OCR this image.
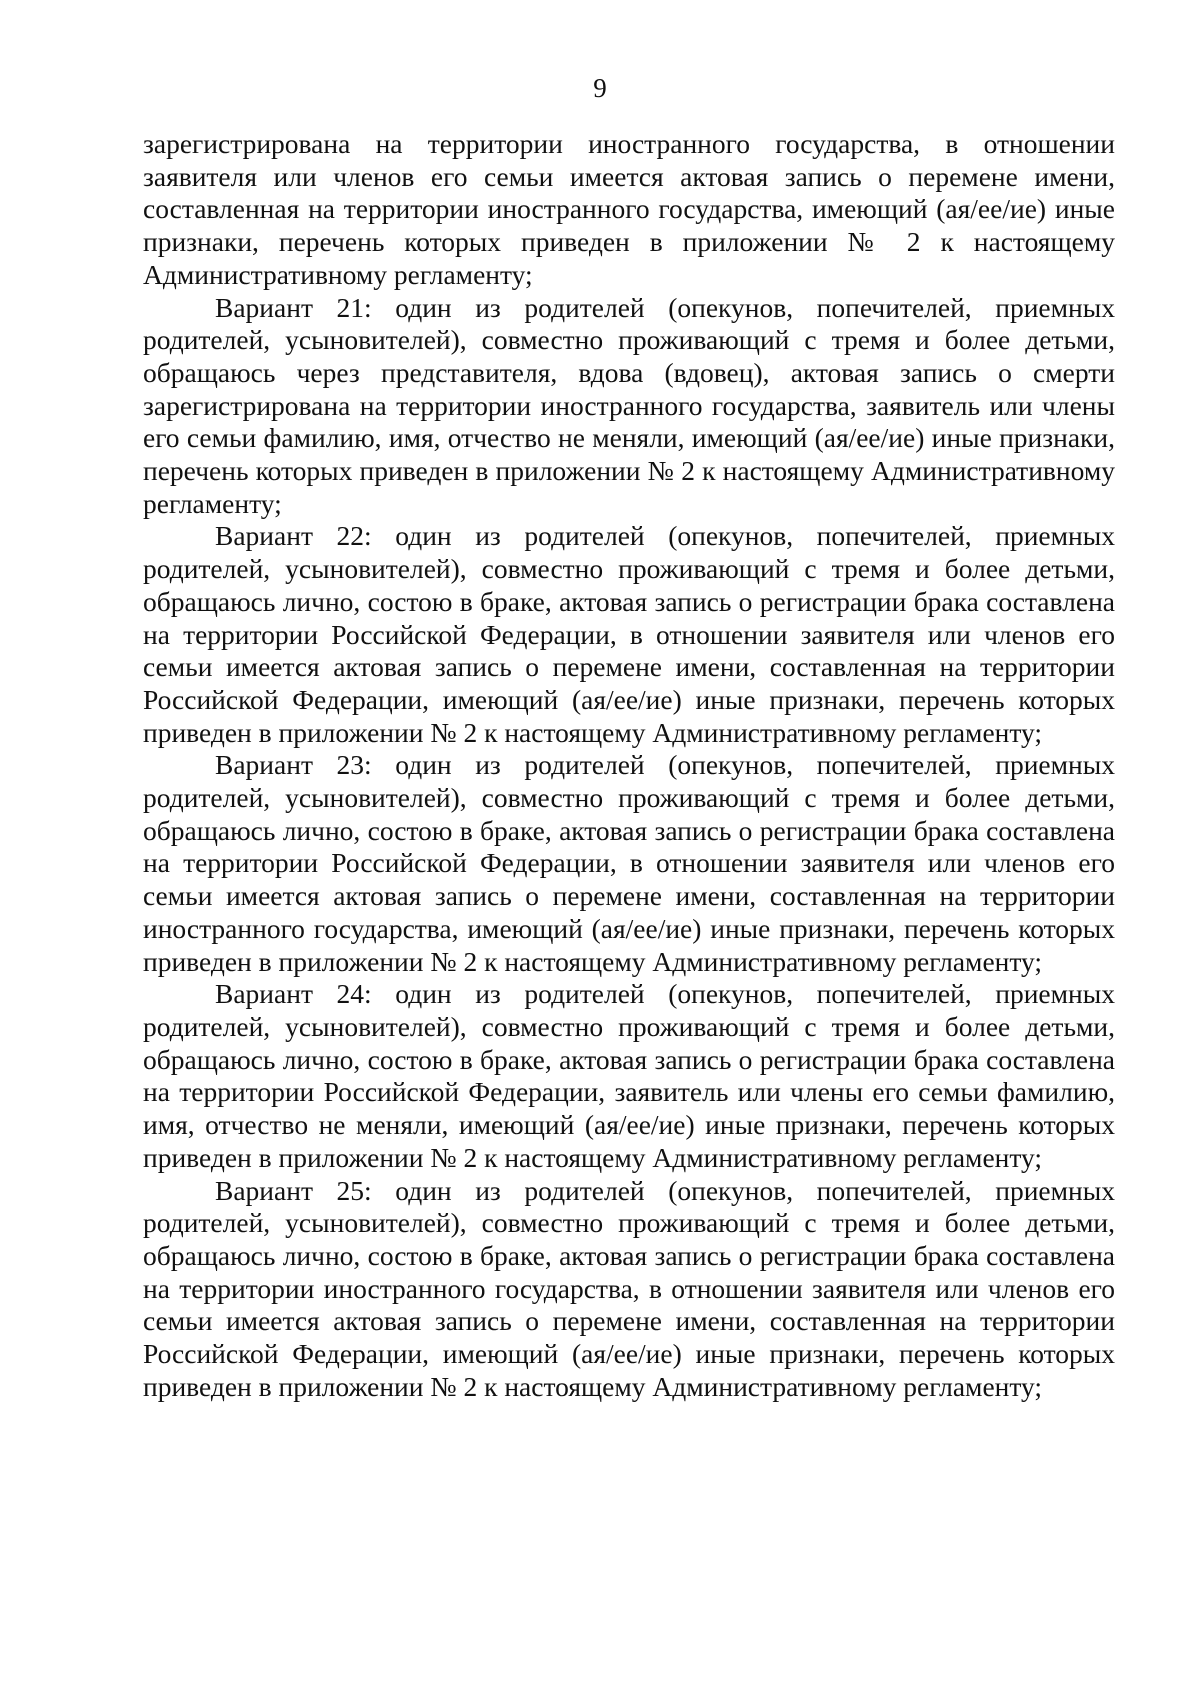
9

зарегистрирована на территории иностранного государства, в отношении заявителя или членов его семьи имеется актовая запись о перемене имени, составленная на территории иностранного государства, имеющий (ая/ее/ие) иные признаки, перечень которых приведен в приложении № 2 к настоящему Административному регламенту;

Вариант 21: один из родителей (опекунов, попечителей, приемных родителей, усыновителей), совместно проживающий с тремя и более детьми, обращаюсь через представителя, вдова (вдовец), актовая запись о смерти зарегистрирована на территории иностранного государства, заявитель или члены его семьи фамилию, имя, отчество не меняли, имеющий (ая/ее/ие) иные признаки, перечень которых приведен в приложении № 2 к настоящему Административному регламенту;

Вариант 22: один из родителей (опекунов, попечителей, приемных родителей, усыновителей), совместно проживающий с тремя и более детьми, обращаюсь лично, состою в браке, актовая запись о регистрации брака составлена на территории Российской Федерации, в отношении заявителя или членов его семьи имеется актовая запись о перемене имени, составленная на территории Российской Федерации, имеющий (ая/ее/ие) иные признаки, перечень которых приведен в приложении № 2 к настоящему Административному регламенту;

Вариант 23: один из родителей (опекунов, попечителей, приемных родителей, усыновителей), совместно проживающий с тремя и более детьми, обращаюсь лично, состою в браке, актовая запись о регистрации брака составлена на территории Российской Федерации, в отношении заявителя или членов его семьи имеется актовая запись о перемене имени, составленная на территории иностранного государства, имеющий (ая/ее/ие) иные признаки, перечень которых приведен в приложении № 2 к настоящему Административному регламенту;

Вариант 24: один из родителей (опекунов, попечителей, приемных родителей, усыновителей), совместно проживающий с тремя и более детьми, обращаюсь лично, состою в браке, актовая запись о регистрации брака составлена на территории Российской Федерации, заявитель или члены его семьи фамилию, имя, отчество не меняли, имеющий (ая/ее/ие) иные признаки, перечень которых приведен в приложении № 2 к настоящему Административному регламенту;

Вариант 25: один из родителей (опекунов, попечителей, приемных родителей, усыновителей), совместно проживающий с тремя и более детьми, обращаюсь лично, состою в браке, актовая запись о регистрации брака составлена на территории иностранного государства, в отношении заявителя или членов его семьи имеется актовая запись о перемене имени, составленная на территории Российской Федерации, имеющий (ая/ее/ие) иные признаки, перечень которых приведен в приложении № 2 к настоящему Административному регламенту;
